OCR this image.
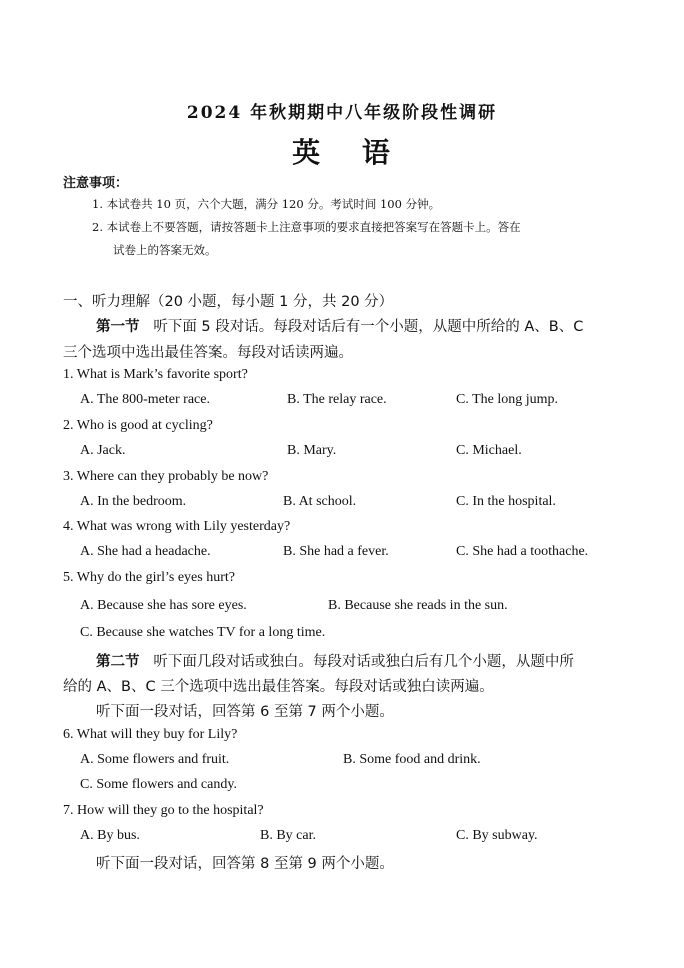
2024 年秋期期中八年级阶段性调研
英 语
注意事项：
1. 本试卷共 10 页，六个大题，满分 120 分。考试时间 100 分钟。
2. 本试卷上不要答题，请按答题卡上注意事项的要求直接把答案写在答题卡上。答在
试卷上的答案无效。
一、听力理解（20 小题，每小题 1 分，共 20 分）
第一节 听下面 5 段对话。每段对话后有一个小题，从题中所给的 A、B、C
三个选项中选出最佳答案。每段对话读两遍。
1. What is Mark’s favorite sport?
A. The 800-meter race.	B. The relay race.	C. The long jump.
2. Who is good at cycling?
A. Jack.	B. Mary.	C. Michael.
3. Where can they probably be now?
A. In the bedroom.	B. At school.	C. In the hospital.
4. What was wrong with Lily yesterday?
A. She had a headache.	B. She had a fever.	C. She had a toothache.
5. Why do the girl’s eyes hurt?
A. Because she has sore eyes.	B. Because she reads in the sun.
C. Because she watches TV for a long time.
第二节 听下面几段对话或独白。每段对话或独白后有几个小题，从题中所
给的 A、B、C 三个选项中选出最佳答案。每段对话或独白读两遍。
听下面一段对话，回答第 6 至第 7 两个小题。
6. What will they buy for Lily?
A. Some flowers and fruit.	B. Some food and drink.
C. Some flowers and candy.
7. How will they go to the hospital?
A. By bus.	B. By car.	C. By subway.
听下面一段对话，回答第 8 至第 9 两个小题。
